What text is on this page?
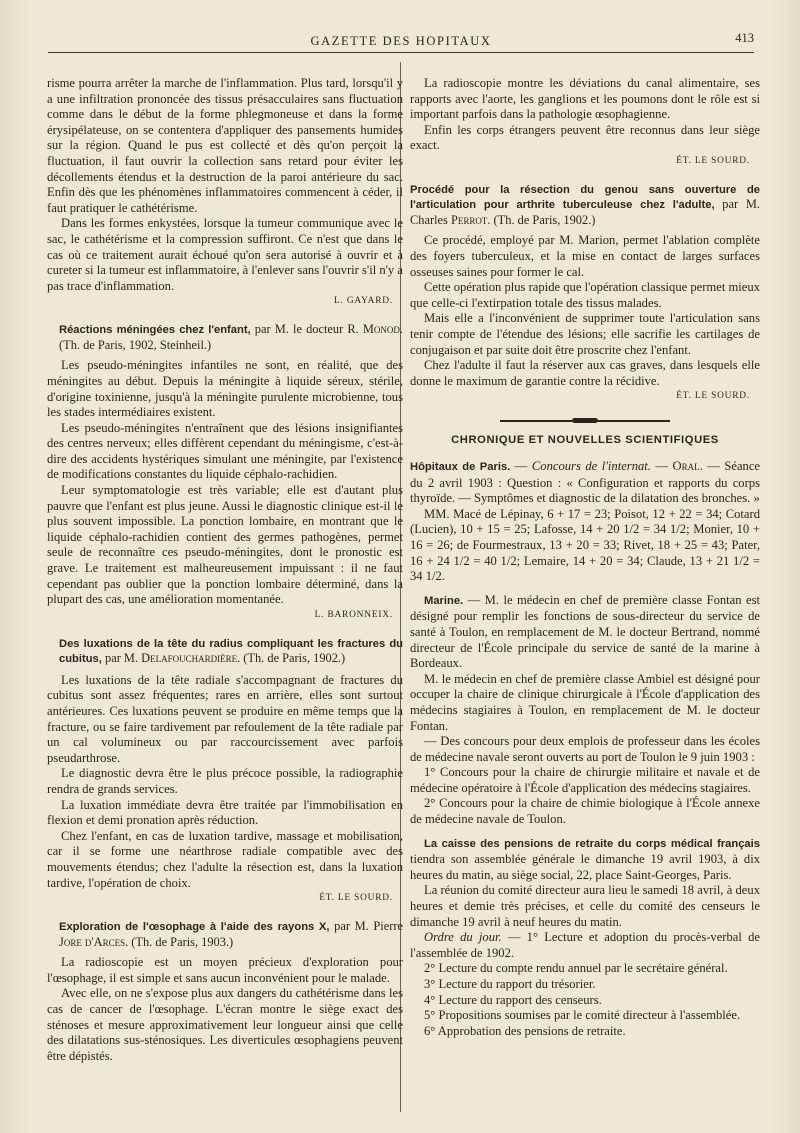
GAZETTE DES HOPITAUX	413

risme pourra arrêter la marche de l'inflammation. Plus tard, lorsqu'il y a une infiltration prononcée des tissus présacculaires sans fluctuation comme dans le début de la forme phlegmoneuse et dans la forme érysipélateuse, on se contentera d'appliquer des pansements humides sur la région. Quand le pus est collecté et dès qu'on perçoit la fluctuation, il faut ouvrir la collection sans retard pour éviter les décollements étendus et la destruction de la paroi antérieure du sac. Enfin dès que les phénomènes inflammatoires commencent à céder, il faut pratiquer le cathétérisme.

Dans les formes enkystées, lorsque la tumeur communique avec le sac, le cathétérisme et la compression suffiront. Ce n'est que dans le cas où ce traitement aurait échoué qu'on sera autorisé à ouvrir et à cureter si la tumeur est inflammatoire, à l'enlever sans l'ouvrir s'il n'y a pas trace d'inflammation.

L. GAYARD.
Réactions méningées chez l'enfant, par M. le docteur R. Monod. (Th. de Paris, 1902, Steinheil.)

Les pseudo-méningites infantiles ne sont, en réalité, que des méningites au début. Depuis la méningite à liquide séreux, stérile, d'origine toxinienne, jusqu'à la méningite purulente microbienne, tous les stades intermédiaires existent.

Les pseudo-méningites n'entraînent que des lésions insignifiantes des centres nerveux; elles diffèrent cependant du méningisme, c'est-à-dire des accidents hystériques simulant une méningite, par l'existence de modifications constantes du liquide céphalo-rachidien.

Leur symptomatologie est très variable; elle est d'autant plus pauvre que l'enfant est plus jeune. Aussi le diagnostic clinique est-il le plus souvent impossible. La ponction lombaire, en montrant que le liquide céphalo-rachidien contient des germes pathogènes, permet seule de reconnaître ces pseudo-méningites, dont le pronostic est grave. Le traitement est malheureusement impuissant : il ne faut cependant pas oublier que la ponction lombaire déterminé, dans la plupart des cas, une amélioration momentanée.

L. BARONNEIX.
Des luxations de la tête du radius compliquant les fractures du cubitus, par M. Delafouchardière. (Th. de Paris, 1902.)

Les luxations de la tête radiale s'accompagnant de fractures du cubitus sont assez fréquentes; rares en arrière, elles sont surtout antérieures. Ces luxations peuvent se produire en même temps que la fracture, ou se faire tardivement par refoulement de la tête radiale par un cal volumineux ou par raccourcissement avec parfois pseudarthrose.

Le diagnostic devra être le plus précoce possible, la radiographie rendra de grands services.

La luxation immédiate devra être traitée par l'immobilisation en flexion et demi pronation après réduction.

Chez l'enfant, en cas de luxation tardive, massage et mobilisation, car il se forme une néarthrose radiale compatible avec des mouvements étendus; chez l'adulte la résection est, dans la luxation tardive, l'opération de choix.

ÉT. LE SOURD.
Exploration de l'œsophage à l'aide des rayons X, par M. Pierre Jore d'Arces. (Th. de Paris, 1903.)

La radioscopie est un moyen précieux d'exploration pour l'œsophage, il est simple et sans aucun inconvénient pour le malade.

Avec elle, on ne s'expose plus aux dangers du cathétérisme dans les cas de cancer de l'œsophage. L'écran montre le siège exact des sténoses et mesure approximativement leur longueur ainsi que celle des dilatations sus-sténosiques. Les diverticules œsophagiens peuvent être dépistés.

La radioscopie montre les déviations du canal alimentaire, ses rapports avec l'aorte, les ganglions et les poumons dont le rôle est si important parfois dans la pathologie œsophagienne.

Enfin les corps étrangers peuvent être reconnus dans leur siège exact.

ÉT. LE SOURD.
Procédé pour la résection du genou sans ouverture de l'articulation pour arthrite tuberculeuse chez l'adulte, par M. Charles Perrot. (Th. de Paris, 1902.)

Ce procédé, employé par M. Marion, permet l'ablation complète des foyers tuberculeux, et la mise en contact de larges surfaces osseuses saines pour former le cal.

Cette opération plus rapide que l'opération classique permet mieux que celle-ci l'extirpation totale des tissus malades.

Mais elle a l'inconvénient de supprimer toute l'articulation sans tenir compte de l'étendue des lésions; elle sacrifie les cartilages de conjugaison et par suite doit être proscrite chez l'enfant.

Chez l'adulte il faut la réserver aux cas graves, dans lesquels elle donne le maximum de garantie contre la récidive.

ÉT. LE SOURD.
CHRONIQUE ET NOUVELLES SCIENTIFIQUES

Hôpitaux de Paris. — Concours de l'internat. — Oral. — Séance du 2 avril 1903 : Question : « Configuration et rapports du corps thyroïde. — Symptômes et diagnostic de la dilatation des bronches. »

MM. Macé de Lépinay, 6 + 17 = 23; Poisot, 12 + 22 = 34; Cotard (Lucien), 10 + 15 = 25; Lafosse, 14 + 20 1/2 = 34 1/2; Monier, 10 + 16 = 26; de Fourmestraux, 13 + 20 = 33; Rivet, 18 + 25 = 43; Pater, 16 + 24 1/2 = 40 1/2; Lemaire, 14 + 20 = 34; Claude, 13 + 21 1/2 = 34 1/2.

Marine. — M. le médecin en chef de première classe Fontan est désigné pour remplir les fonctions de sous-directeur du service de santé à Toulon, en remplacement de M. le docteur Bertrand, nommé directeur de l'École principale du service de santé de la marine à Bordeaux.

M. le médecin en chef de première classe Ambiel est désigné pour occuper la chaire de clinique chirurgicale à l'École d'application des médecins stagiaires à Toulon, en remplacement de M. le docteur Fontan.

— Des concours pour deux emplois de professeur dans les écoles de médecine navale seront ouverts au port de Toulon le 9 juin 1903 :

1° Concours pour la chaire de chirurgie militaire et navale et de médecine opératoire à l'École d'application des médecins stagiaires.

2° Concours pour la chaire de chimie biologique à l'École annexe de médecine navale de Toulon.

La caisse des pensions de retraite du corps médical français tiendra son assemblée générale le dimanche 19 avril 1903, à dix heures du matin, au siège social, 22, place Saint-Georges, Paris.

La réunion du comité directeur aura lieu le samedi 18 avril, à deux heures et demie très précises, et celle du comité des censeurs le dimanche 19 avril à neuf heures du matin.

Ordre du jour. — 1° Lecture et adoption du procès-verbal de l'assemblée de 1902.

2° Lecture du compte rendu annuel par le secrétaire général.

3° Lecture du rapport du trésorier.

4° Lecture du rapport des censeurs.

5° Propositions soumises par le comité directeur à l'assemblée.

6° Approbation des pensions de retraite.
